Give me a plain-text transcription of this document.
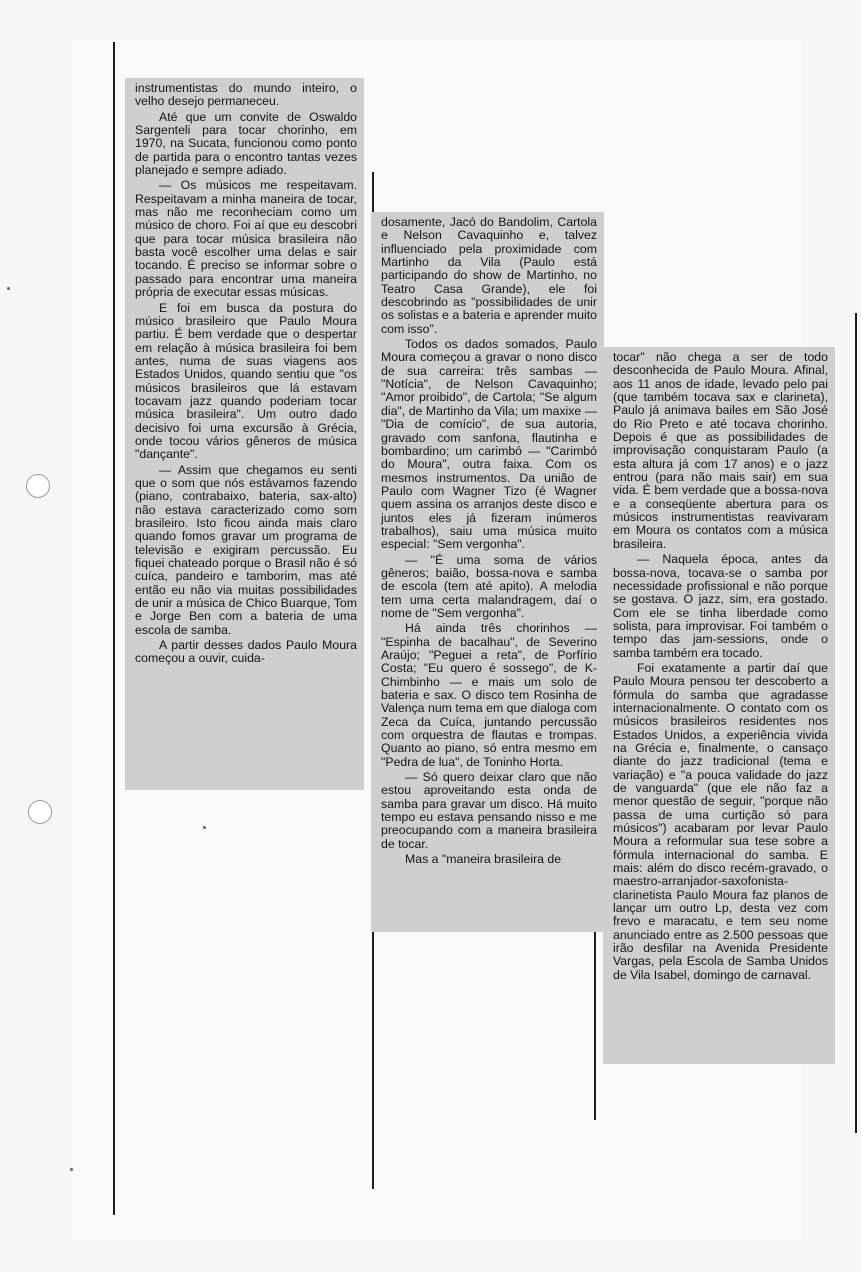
instrumentistas do mundo inteiro, o velho desejo permaneceu.

Até que um convite de Oswaldo Sargenteli para tocar chorinho, em 1970, na Sucata, funcionou como ponto de partida para o encontro tantas vezes planejado e sempre adiado.

— Os músicos me respeitavam. Respeitavam a minha maneira de tocar, mas não me reconheciam como um músico de choro. Foi aí que eu descobri que para tocar música brasileira não basta você escolher uma delas e sair tocando. É preciso se informar sobre o passado para encontrar uma maneira própria de executar essas músicas.

E foi em busca da postura do músico brasileiro que Paulo Moura partiu. É bem verdade que o despertar em relação à música brasileira foi bem antes, numa de suas viagens aos Estados Unidos, quando sentiu que "os músicos brasileiros que lá estavam tocavam jazz quando poderiam tocar música brasileira". Um outro dado decisivo foi uma excursão à Grécia, onde tocou vários gêneros de música "dançante".

— Assim que chegamos eu senti que o som que nós estávamos fazendo (piano, contrabaixo, bateria, sax-alto) não estava caracterizado como som brasileiro. Isto ficou ainda mais claro quando fomos gravar um programa de televisão e exigiram percussão. Eu fiquei chateado porque o Brasil não é só cuíca, pandeiro e tamborim, mas até então eu não via muitas possibilidades de unir a música de Chico Buarque, Tom e Jorge Ben com a bateria de uma escola de samba.

A partir desses dados Paulo Moura começou a ouvir, cuida-

dosamente, Jacó do Bandolim, Cartola e Nelson Cavaquinho e, talvez influenciado pela proximidade com Martinho da Vila (Paulo está participando do show de Martinho, no Teatro Casa Grande), ele foi descobrindo as "possibilidades de unir os solistas e a bateria e aprender muito com isso".

Todos os dados somados, Paulo Moura começou a gravar o nono disco de sua carreira: três sambas — "Notícia", de Nelson Cavaquinho; "Amor proibido", de Cartola; "Se algum dia", de Martinho da Vila; um maxixe — "Dia de comício", de sua autoria, gravado com sanfona, flautinha e bombardino; um carimbó — "Carimbó do Moura", outra faixa. Com os mesmos instrumentos. Da união de Paulo com Wagner Tizo (é Wagner quem assina os arranjos deste disco e juntos eles já fizeram inúmeros trabalhos), saiu uma música muito especial: "Sem vergonha".

— "É uma soma de vários gêneros; baião, bossa-nova e samba de escola (tem até apito). A melodia tem uma certa malandragem, daí o nome de "Sem vergonha".

Há ainda três chorinhos — "Espinha de bacalhau", de Severino Araújo; "Peguei a reta", de Porfírio Costa; "Eu quero é sossego", de K-Chimbinho — e mais um solo de bateria e sax. O disco tem Rosinha de Valença num tema em que dialoga com Zeca da Cuíca, juntando percussão com orquestra de flautas e trompas. Quanto ao piano, só entra mesmo em "Pedra de lua", de Toninho Horta.

— Só quero deixar claro que não estou aproveitando esta onda de samba para gravar um disco. Há muito tempo eu estava pensando nisso e me preocupando com a maneira brasileira de tocar.

Mas a "maneira brasileira de

tocar" não chega a ser de todo desconhecida de Paulo Moura. Afinal, aos 11 anos de idade, levado pelo pai (que também tocava sax e clarineta), Paulo já animava bailes em São José do Rio Preto e até tocava chorinho. Depois é que as possibilidades de improvisação conquistaram Paulo (a esta altura já com 17 anos) e o jazz entrou (para não mais sair) em sua vida. É bem verdade que a bossa-nova e a conseqüente abertura para os músicos instrumentistas reavivaram em Moura os contatos com a música brasileira.

— Naquela época, antes da bossa-nova, tocava-se o samba por necessidade profissional e não porque se gostava. O jazz, sim, era gostado. Com ele se tinha liberdade como solista, para improvisar. Foi também o tempo das jam-sessions, onde o samba também era tocado.

Foi exatamente a partir daí que Paulo Moura pensou ter descoberto a fórmula do samba que agradasse internacionalmente. O contato com os músicos brasileiros residentes nos Estados Unidos, a experiência vivida na Grécia e, finalmente, o cansaço diante do jazz tradicional (tema e variação) e "a pouca validade do jazz de vanguarda" (que ele não faz a menor questão de seguir, "porque não passa de uma curtição só para músicos") acabaram por levar Paulo Moura a reformular sua tese sobre a fórmula internacional do samba. E mais: além do disco recém-gravado, o maestro-arranjador-saxofonista-clarinetista Paulo Moura faz planos de lançar um outro Lp, desta vez com frevo e maracatu, e tem seu nome anunciado entre as 2.500 pessoas que irão desfilar na Avenida Presidente Vargas, pela Escola de Samba Unidos de Vila Isabel, domingo de carnaval.
